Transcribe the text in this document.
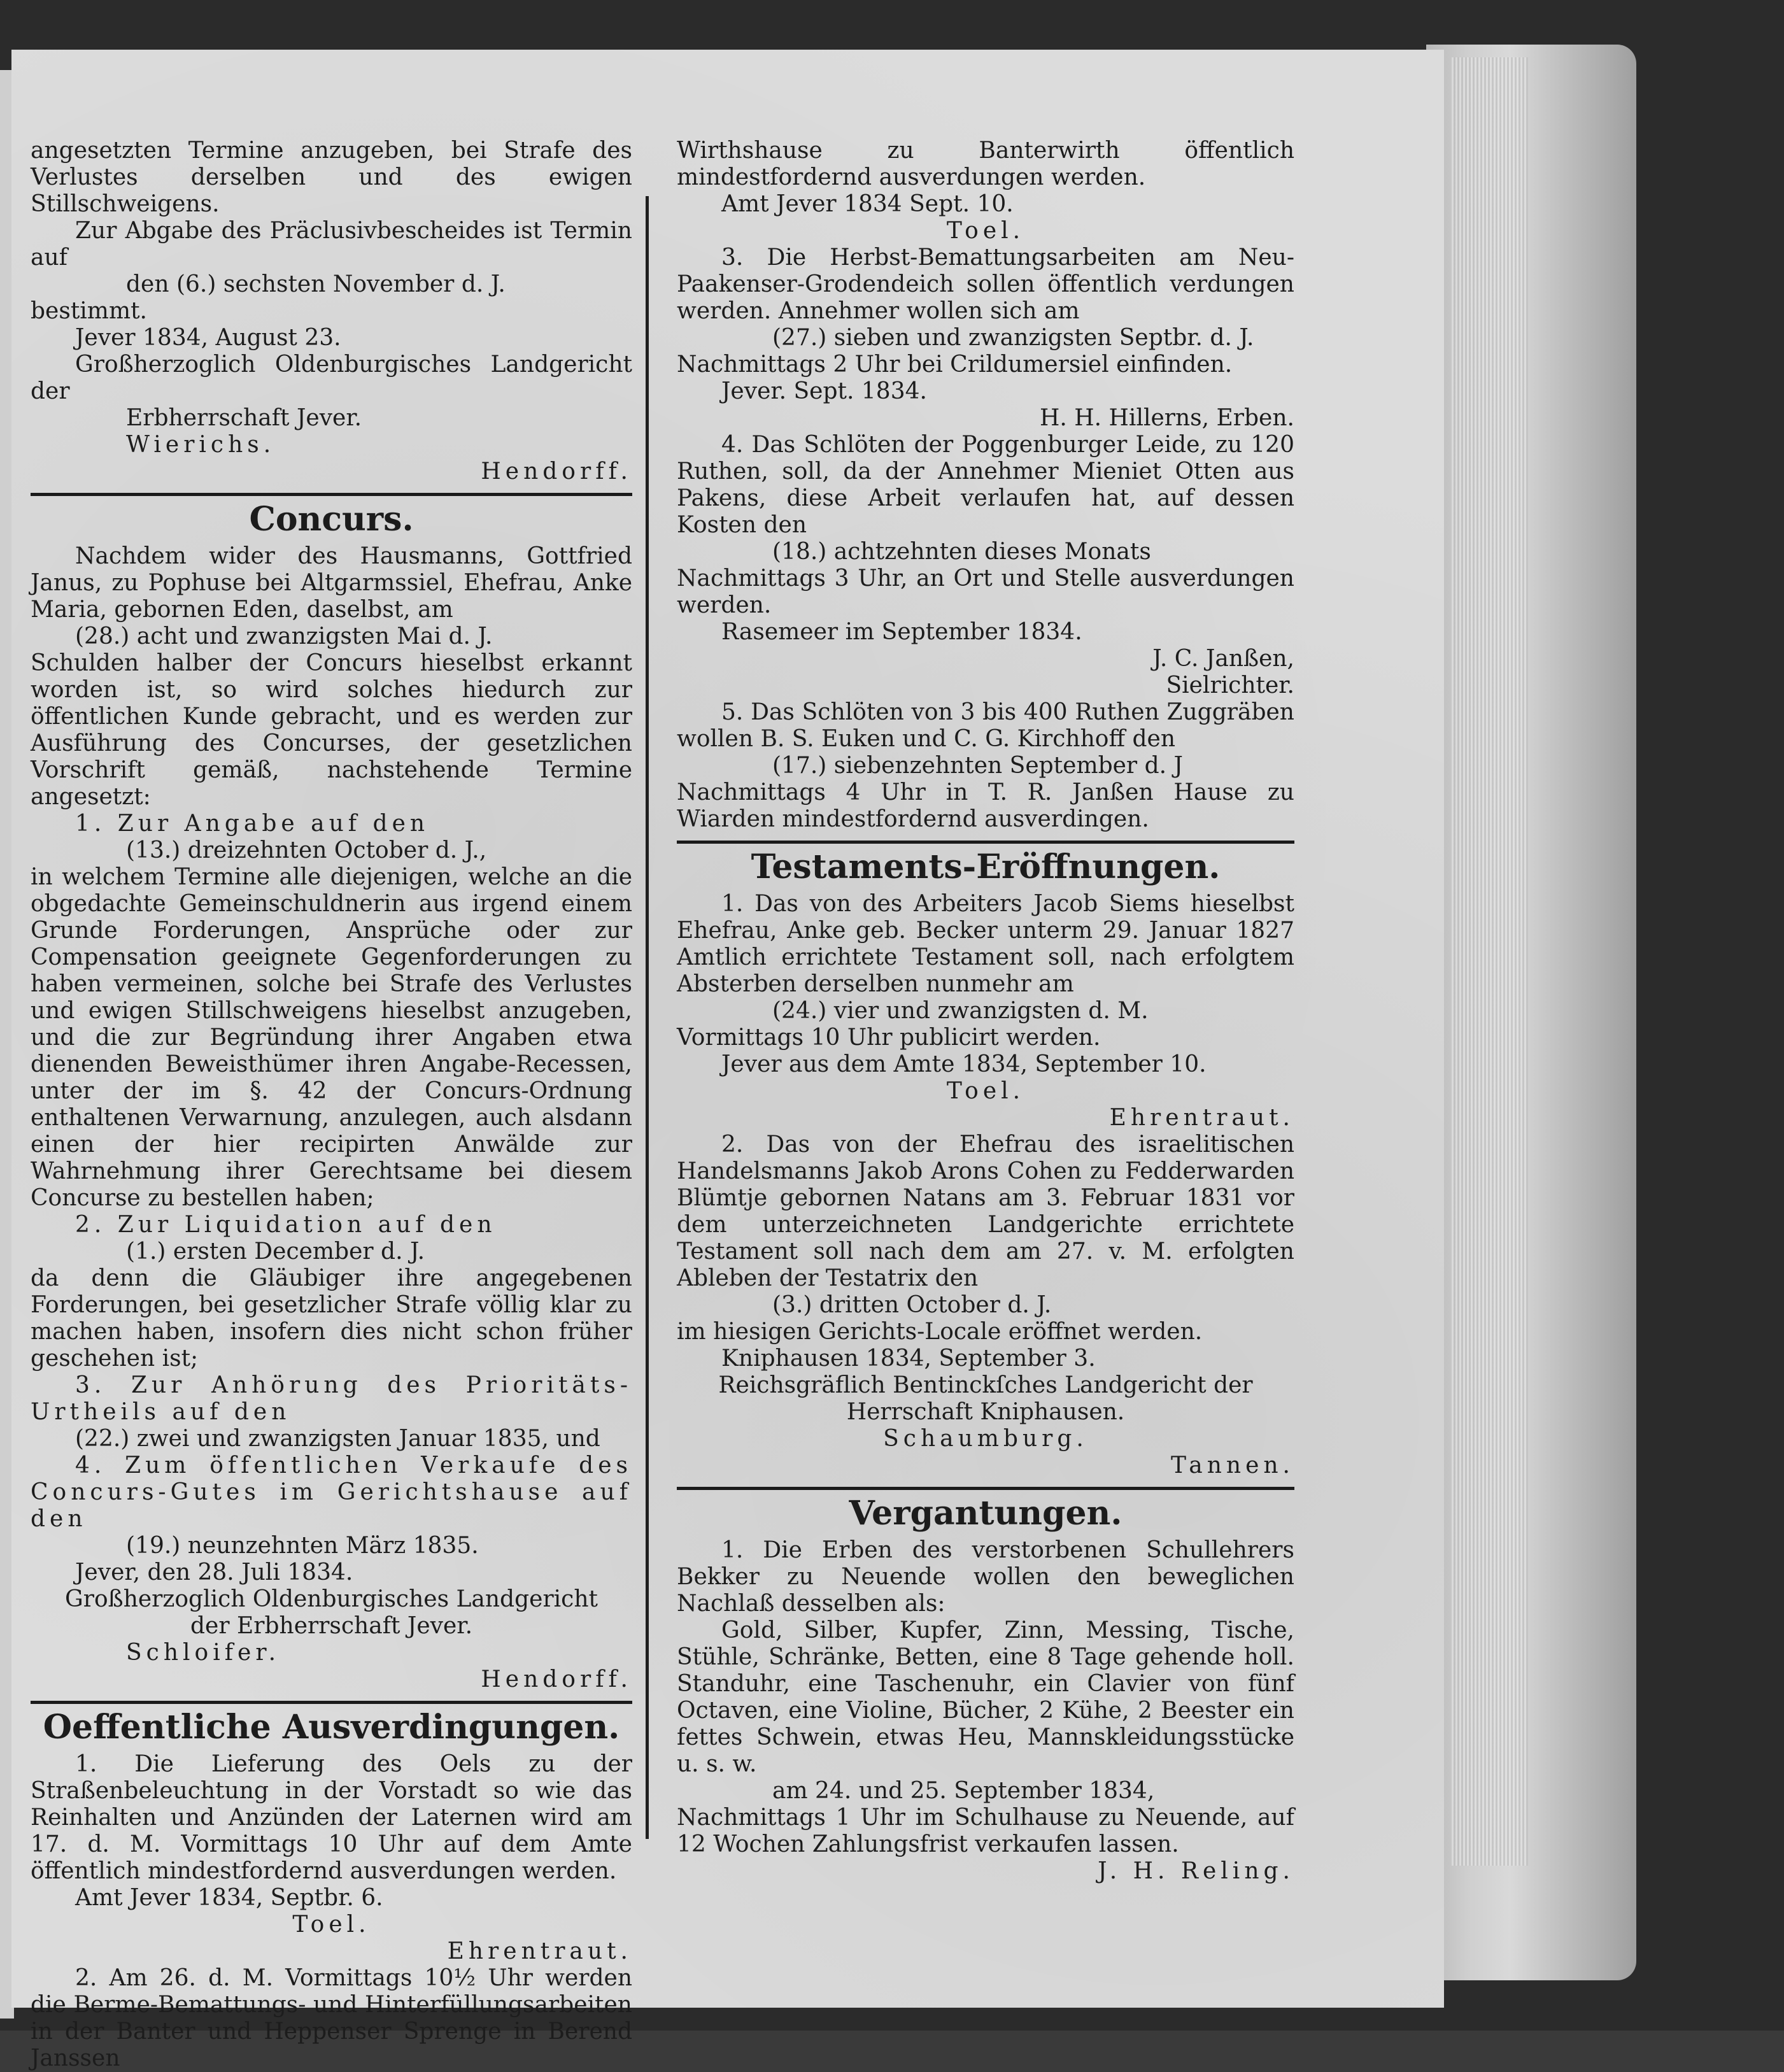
angesetzten Termine anzugeben, bei Strafe des Verlustes derselben und des ewigen Stillschweigens.

Zur Abgabe des Präclusivbescheides ist Termin auf

den (6.) sechsten November d. J.

bestimmt.

Jever 1834, August 23.

Großherzoglich Oldenburgisches Landgericht der

Erbherrschaft Jever.

Wierichs.

Hendorff.

Concurs.

Nachdem wider des Hausmanns, Gottfried Janus, zu Pophuse bei Altgarmssiel, Ehefrau, Anke Maria, gebornen Eden, daselbst, am

(28.) acht und zwanzigsten Mai d. J.

Schulden halber der Concurs hieselbst erkannt worden ist, so wird solches hiedurch zur öffentlichen Kunde gebracht, und es werden zur Ausführung des Concurses, der gesetzlichen Vorschrift gemäß, nachstehende Termine angesetzt:

1. Zur Angabe auf den

(13.) dreizehnten October d. J.,

in welchem Termine alle diejenigen, welche an die obgedachte Gemeinschuldnerin aus irgend einem Grunde Forderungen, Ansprüche oder zur Compensation geeignete Gegenforderungen zu haben vermeinen, solche bei Strafe des Verlustes und ewigen Stillschweigens hieselbst anzugeben, und die zur Begründung ihrer Angaben etwa dienenden Beweisthümer ihren Angabe-Recessen, unter der im §. 42 der Concurs-Ordnung enthaltenen Verwarnung, anzulegen, auch alsdann einen der hier recipirten Anwälde zur Wahrnehmung ihrer Gerechtsame bei diesem Concurse zu bestellen haben;

2. Zur Liquidation auf den

(1.) ersten December d. J.

da denn die Gläubiger ihre angegebenen Forderungen, bei gesetzlicher Strafe völlig klar zu machen haben, insofern dies nicht schon früher geschehen ist;

3. Zur Anhörung des Prioritäts-Urtheils auf den

(22.) zwei und zwanzigsten Januar 1835, und

4. Zum öffentlichen Verkaufe des Concurs-Gutes im Gerichtshause auf den

(19.) neunzehnten März 1835.

Jever, den 28. Juli 1834.

Großherzoglich Oldenburgisches Landgericht

der Erbherrschaft Jever.

Schloifer.

Hendorff.

Oeffentliche Ausverdingungen.

1. Die Lieferung des Oels zu der Straßenbeleuchtung in der Vorstadt so wie das Reinhalten und Anzünden der Laternen wird am 17. d. M. Vormittags 10 Uhr auf dem Amte öffentlich mindestfordernd ausverdungen werden.

Amt Jever 1834, Septbr. 6.

Toel.

Ehrentraut.

2. Am 26. d. M. Vormittags 10½ Uhr werden die Berme-Bemattungs- und Hinterfüllungsarbeiten in der Banter und Heppenser Sprenge in Berend Janssen

Wirthshause zu Banterwirth öffentlich mindestfordernd ausverdungen werden.

Amt Jever 1834 Sept. 10.

Toel.

3. Die Herbst-Bemattungsarbeiten am Neu-Paakenser-Grodendeich sollen öffentlich verdungen werden. Annehmer wollen sich am

(27.) sieben und zwanzigsten Septbr. d. J.

Nachmittags 2 Uhr bei Crildumersiel einfinden.

Jever. Sept. 1834.

H. H. Hillerns, Erben.

4. Das Schlöten der Poggenburger Leide, zu 120 Ruthen, soll, da der Annehmer Mieniet Otten aus Pakens, diese Arbeit verlaufen hat, auf dessen Kosten den

(18.) achtzehnten dieses Monats

Nachmittags 3 Uhr, an Ort und Stelle ausverdungen werden.

Rasemeer im September 1834.

J. C. Janßen,

Sielrichter.

5. Das Schlöten von 3 bis 400 Ruthen Zuggräben wollen B. S. Euken und C. G. Kirchhoff den

(17.) siebenzehnten September d. J

Nachmittags 4 Uhr in T. R. Janßen Hause zu Wiarden mindestfordernd ausverdingen.

Testaments-Eröffnungen.

1. Das von des Arbeiters Jacob Siems hieselbst Ehefrau, Anke geb. Becker unterm 29. Januar 1827 Amtlich errichtete Testament soll, nach erfolgtem Absterben derselben nunmehr am

(24.) vier und zwanzigsten d. M.

Vormittags 10 Uhr publicirt werden.

Jever aus dem Amte 1834, September 10.

Toel.

Ehrentraut.

2. Das von der Ehefrau des israelitischen Handelsmanns Jakob Arons Cohen zu Fedderwarden Blümtje gebornen Natans am 3. Februar 1831 vor dem unterzeichneten Landgerichte errichtete Testament soll nach dem am 27. v. M. erfolgten Ableben der Testatrix den

(3.) dritten October d. J.

im hiesigen Gerichts-Locale eröffnet werden.

Kniphausen 1834, September 3.

Reichsgräflich Bentinckſches Landgericht der

Herrschaft Kniphausen.

Schaumburg.

Tannen.

Vergantungen.

1. Die Erben des verstorbenen Schullehrers Bekker zu Neuende wollen den beweglichen Nachlaß desselben als:

Gold, Silber, Kupfer, Zinn, Messing, Tische, Stühle, Schränke, Betten, eine 8 Tage gehende holl. Standuhr, eine Taschenuhr, ein Clavier von fünf Octaven, eine Violine, Bücher, 2 Kühe, 2 Beester ein fettes Schwein, etwas Heu, Mannskleidungsstücke u. s. w.

am 24. und 25. September 1834,

Nachmittags 1 Uhr im Schulhause zu Neuende, auf 12 Wochen Zahlungsfrist verkaufen lassen.

J. H. Reling.
